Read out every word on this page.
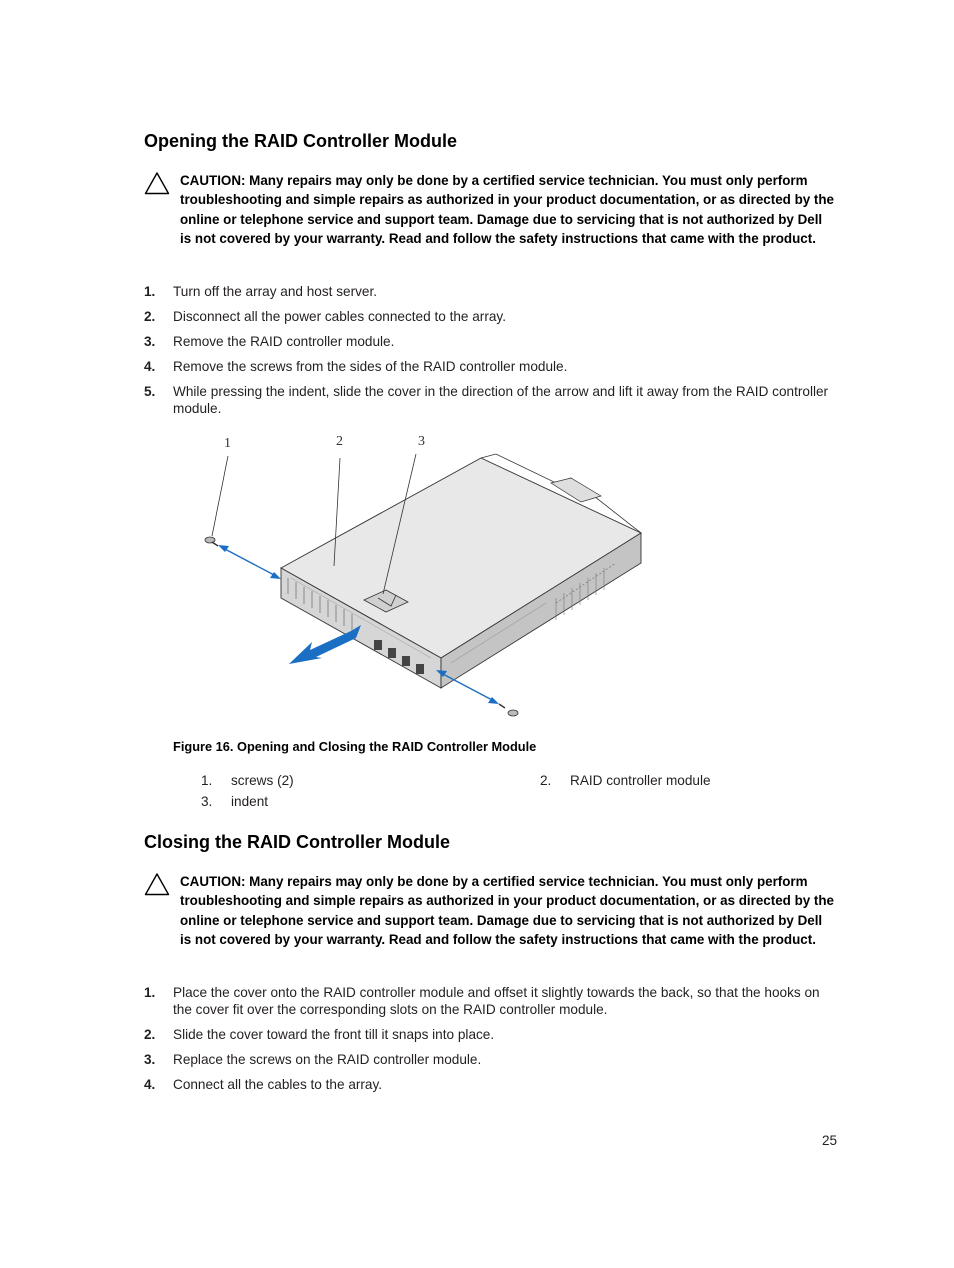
Opening the RAID Controller Module
CAUTION: Many repairs may only be done by a certified service technician. You must only perform troubleshooting and simple repairs as authorized in your product documentation, or as directed by the online or telephone service and support team. Damage due to servicing that is not authorized by Dell is not covered by your warranty. Read and follow the safety instructions that came with the product.
1. Turn off the array and host server.
2. Disconnect all the power cables connected to the array.
3. Remove the RAID controller module.
4. Remove the screws from the sides of the RAID controller module.
5. While pressing the indent, slide the cover in the direction of the arrow and lift it away from the RAID controller module.
1	2	3
Figure 16. Opening and Closing the RAID Controller Module
1. screws (2)	2. RAID controller module
3. indent
Closing the RAID Controller Module
CAUTION: Many repairs may only be done by a certified service technician. You must only perform troubleshooting and simple repairs as authorized in your product documentation, or as directed by the online or telephone service and support team. Damage due to servicing that is not authorized by Dell is not covered by your warranty. Read and follow the safety instructions that came with the product.
1. Place the cover onto the RAID controller module and offset it slightly towards the back, so that the hooks on the cover fit over the corresponding slots on the RAID controller module.
2. Slide the cover toward the front till it snaps into place.
3. Replace the screws on the RAID controller module.
4. Connect all the cables to the array.
25
